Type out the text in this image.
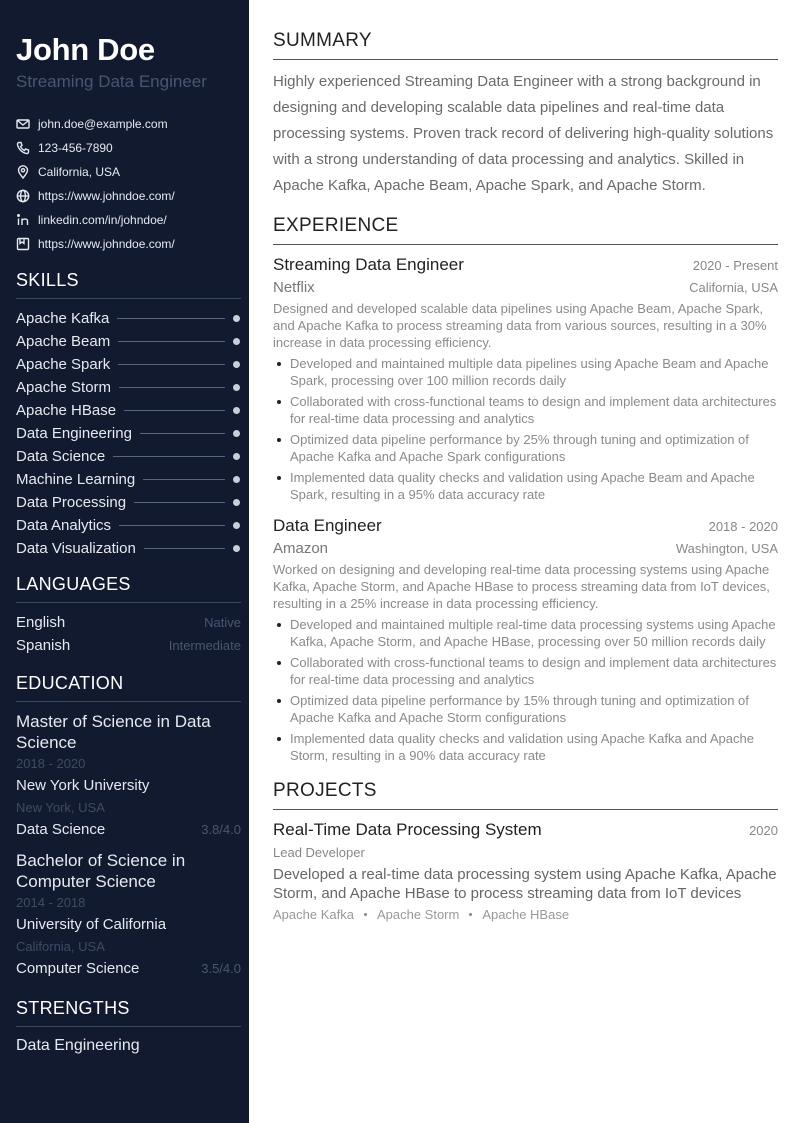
John Doe
Streaming Data Engineer
john.doe@example.com
123-456-7890
California, USA
https://www.johndoe.com/
linkedin.com/in/johndoe/
https://www.johndoe.com/
SKILLS
Apache Kafka
Apache Beam
Apache Spark
Apache Storm
Apache HBase
Data Engineering
Data Science
Machine Learning
Data Processing
Data Analytics
Data Visualization
LANGUAGES
English	Native
Spanish	Intermediate
EDUCATION
Master of Science in Data Science
2018 - 2020
New York University
New York, USA
Data Science	3.8/4.0
Bachelor of Science in Computer Science
2014 - 2018
University of California
California, USA
Computer Science	3.5/4.0
STRENGTHS
Data Engineering
SUMMARY

Highly experienced Streaming Data Engineer with a strong background in designing and developing scalable data pipelines and real-time data processing systems. Proven track record of delivering high-quality solutions with a strong understanding of data processing and analytics. Skilled in Apache Kafka, Apache Beam, Apache Spark, and Apache Storm.

EXPERIENCE
Streaming Data Engineer	2020 - Present
Netflix	California, USA

Designed and developed scalable data pipelines using Apache Beam, Apache Spark, and Apache Kafka to process streaming data from various sources, resulting in a 30% increase in data processing efficiency.

Developed and maintained multiple data pipelines using Apache Beam and Apache Spark, processing over 100 million records daily
Collaborated with cross-functional teams to design and implement data architectures for real-time data processing and analytics
Optimized data pipeline performance by 25% through tuning and optimization of Apache Kafka and Apache Spark configurations
Implemented data quality checks and validation using Apache Beam and Apache Spark, resulting in a 95% data accuracy rate
Data Engineer	2018 - 2020
Amazon	Washington, USA

Worked on designing and developing real-time data processing systems using Apache Kafka, Apache Storm, and Apache HBase to process streaming data from IoT devices, resulting in a 25% increase in data processing efficiency.

Developed and maintained multiple real-time data processing systems using Apache Kafka, Apache Storm, and Apache HBase, processing over 50 million records daily
Collaborated with cross-functional teams to design and implement data architectures for real-time data processing and analytics
Optimized data pipeline performance by 15% through tuning and optimization of Apache Kafka and Apache Storm configurations
Implemented data quality checks and validation using Apache Kafka and Apache Storm, resulting in a 90% data accuracy rate
PROJECTS
Real-Time Data Processing System	2020
Lead Developer

Developed a real-time data processing system using Apache Kafka, Apache Storm, and Apache HBase to process streaming data from IoT devices

Apache Kafka Apache Storm Apache HBase
